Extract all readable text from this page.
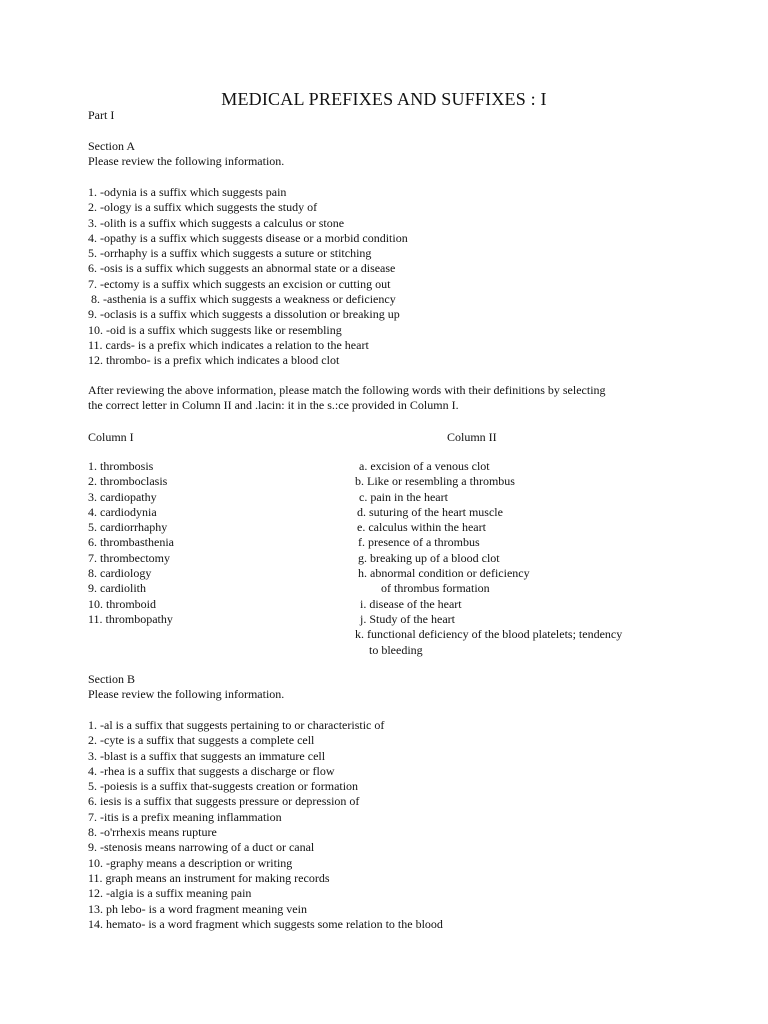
MEDICAL PREFIXES AND SUFFIXES : I
Part I
Section A
Please review the following information.
1. -odynia is a suffix which suggests pain
2. -ology is a suffix which suggests the study of
3. -olith is a suffix which suggests a calculus or stone
4. -opathy is a suffix which suggests disease or a morbid condition
5. -orrhaphy is a suffix which suggests a suture or stitching
6. -osis is a suffix which suggests an abnormal state or a disease
7. -ectomy is a suffix which suggests an excision or cutting out
8. -asthenia is a suffix which suggests a weakness or deficiency
9. -oclasis is a suffix which suggests a dissolution or breaking up
10. -oid is a suffix which suggests like or resembling
11. cards- is a prefix which indicates a relation to the heart
12. thrombo- is a prefix which indicates a blood clot
After reviewing the above information, please match the following words with their definitions by selecting
the correct letter in Column II and .lacin: it in the s.:ce provided in Column I.
Column I	Column II
1. thrombosis
2. thromboclasis
3. cardiopathy
4. cardiodynia
5. cardiorrhaphy
6. thrombasthenia
7. thrombectomy
8. cardiology
9. cardiolith
10. thromboid
11. thrombopathy
a. excision of a venous clot
b. Like or resembling a thrombus
c. pain in the heart
d. suturing of the heart muscle
e. calculus within the heart
f. presence of a thrombus
g. breaking up of a blood clot
h. abnormal condition or deficiency
of thrombus formation
i. disease of the heart
j. Study of the heart
k. functional deficiency of the blood platelets; tendency
to bleeding
Section B
Please review the following information.
1. -al is a suffix that suggests pertaining to or characteristic of
2. -cyte is a suffix that suggests a complete cell
3. -blast is a suffix that suggests an immature cell
4. -rhea is a suffix that suggests a discharge or flow
5. -poiesis is a suffix that-suggests creation or formation
6. iesis is a suffix that suggests pressure or depression of
7. -itis is a prefix meaning inflammation
8. -o'rrhexis means rupture
9. -stenosis means narrowing of a duct or canal
10. -graphy means a description or writing
11. graph means an instrument for making records
12. -algia is a suffix meaning pain
13. ph lebo- is a word fragment meaning vein
14. hemato- is a word fragment which suggests some relation to the blood
